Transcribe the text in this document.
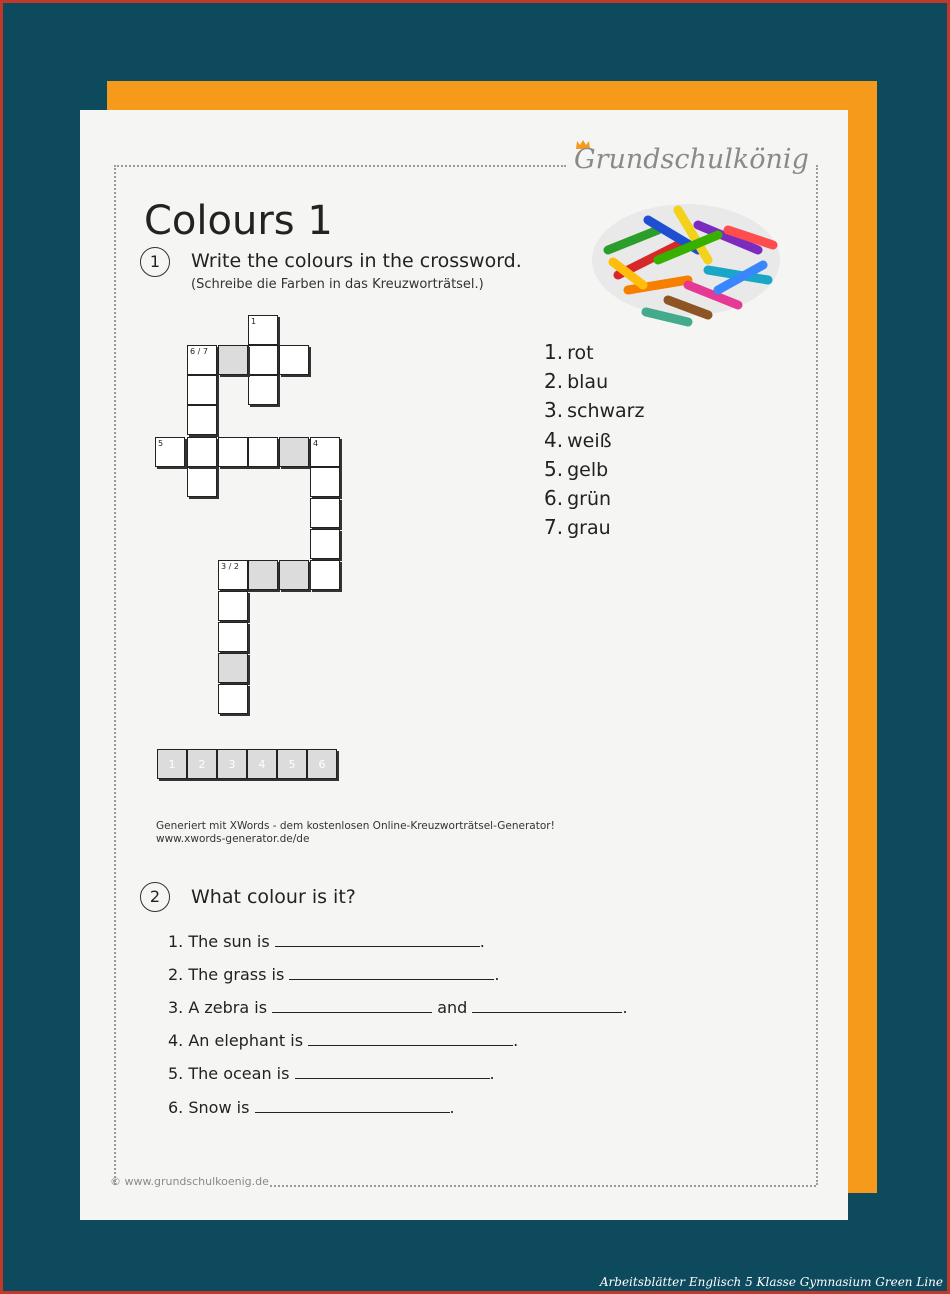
Grundschulkönig
Colours 1
1	Write the colours in the crossword.
(Schreibe die Farben in das Kreuzworträtsel.)
1
6 / 7
5	4
3 / 2
1	2	3	4	5	6
1. rot
2. blau
3. schwarz
4. weiß
5. gelb
6. grün
7. grau
Generiert mit XWords - dem kostenlosen Online-Kreuzworträtsel-Generator!
www.xwords-generator.de/de
2	What colour is it?
1. The sun is	.
2. The grass is	.
3. A zebra is	and	.
4. An elephant is	.
5. The ocean is	.
6. Snow is	.
© www.grundschulkoenig.de
Arbeitsblätter Englisch 5 Klasse Gymnasium Green Line
